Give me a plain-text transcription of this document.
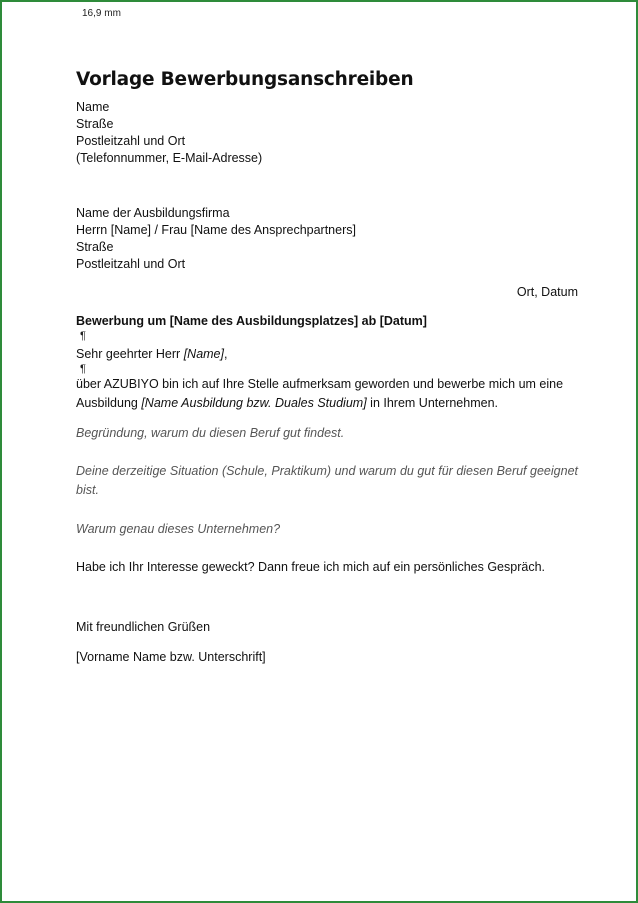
16,9 mm
Vorlage Bewerbungsanschreiben
Name
Straße
Postleitzahl und Ort
(Telefonnummer, E-Mail-Adresse)
Name der Ausbildungsfirma
Herrn [Name] / Frau [Name des Ansprechpartners]
Straße
Postleitzahl und Ort
Ort, Datum
Bewerbung um [Name des Ausbildungsplatzes] ab [Datum]
¶
Sehr geehrter Herr [Name],
¶
über AZUBIYO bin ich auf Ihre Stelle aufmerksam geworden und bewerbe mich um eine Ausbildung [Name Ausbildung bzw. Duales Studium] in Ihrem Unternehmen.
Begründung, warum du diesen Beruf gut findest.
Deine derzeitige Situation (Schule, Praktikum) und warum du gut für diesen Beruf geeignet bist.
Warum genau dieses Unternehmen?
Habe ich Ihr Interesse geweckt? Dann freue ich mich auf ein persönliches Gespräch.
Mit freundlichen Grüßen
[Vorname Name bzw. Unterschrift]
